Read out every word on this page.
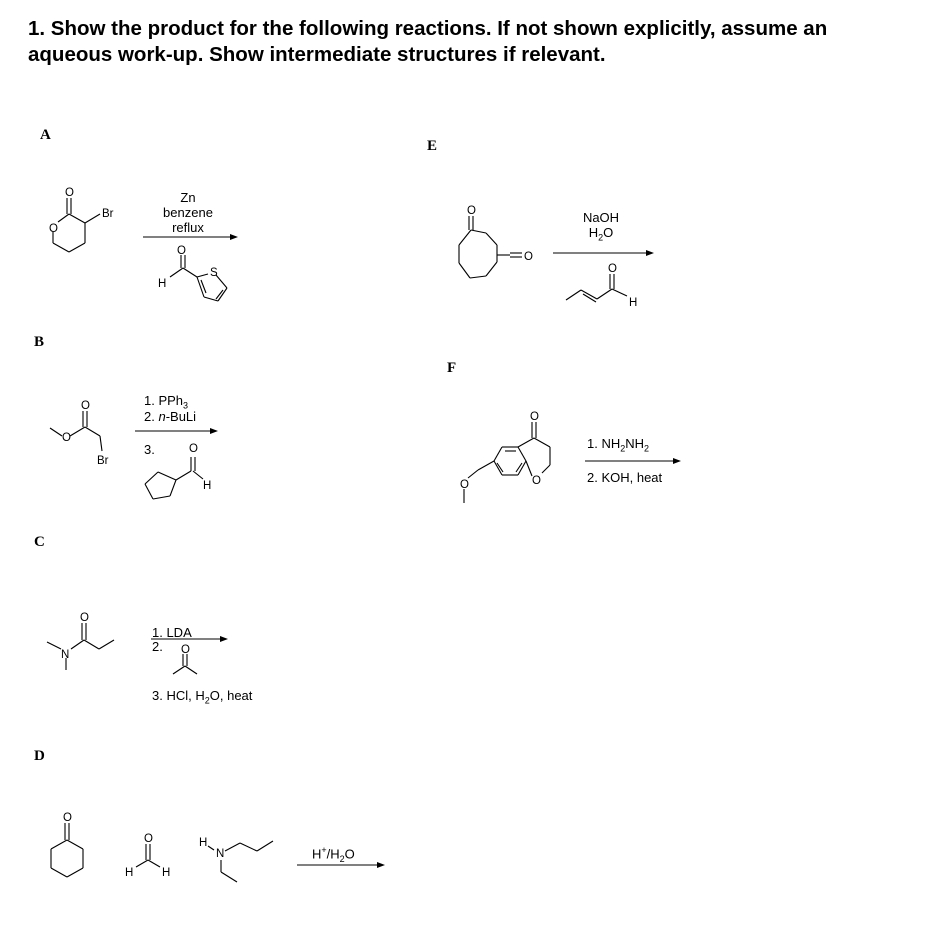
1. Show the product for the following reactions. If not shown explicitly, assume an
aqueous work-up. Show intermediate structures if relevant.
A
B
C
D
E
F
O
O
Br
O
H
S
Zn
benzene
reflux
O
O
Br
O
H
1. PPh$_3$
2. n-BuLi
3.
N
O
O
1. LDA
2.
3. HCl, $H_2O$, heat
O
O
H H
H
N	$H^+/H_2O$
O
O
O
H
NaOH
$H_2O$
O
O
O
1. $NH_2NH_2$
2. KOH, heat
